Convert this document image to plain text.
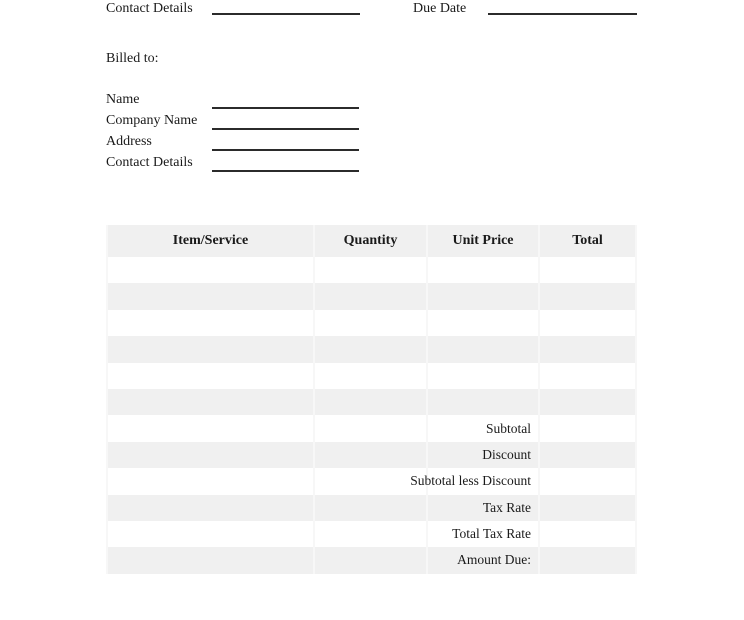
Contact Details	Due Date
Billed to:
Name
Company Name
Address
Contact Details
Item/Service	Quantity	Unit Price	Total

		Subtotal	

		Discount	

		Subtotal less Discount	

		Tax Rate	

		Total Tax Rate	

		Amount Due:	
